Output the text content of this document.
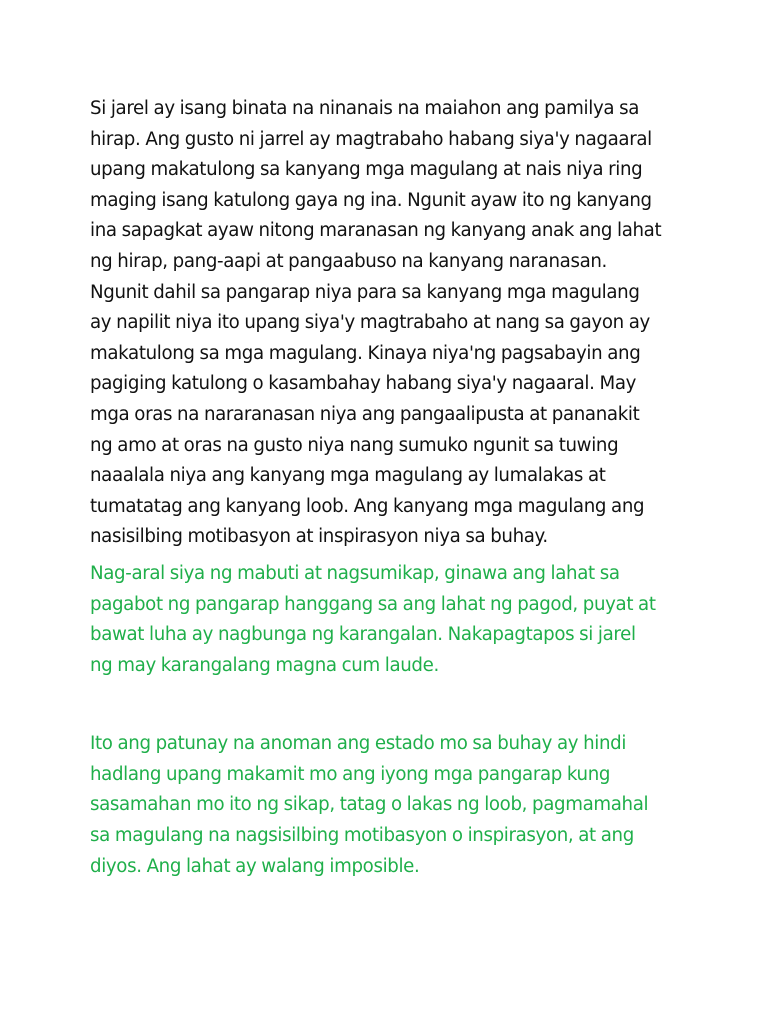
Si jarel ay isang binata na ninanais na maiahon ang pamilya sa
hirap. Ang gusto ni jarrel ay magtrabaho habang siya'y nagaaral
upang makatulong sa kanyang mga magulang at nais niya ring
maging isang katulong gaya ng ina. Ngunit ayaw ito ng kanyang
ina sapagkat ayaw nitong maranasan ng kanyang anak ang lahat
ng hirap, pang-aapi at pangaabuso na kanyang naranasan.
Ngunit dahil sa pangarap niya para sa kanyang mga magulang
ay napilit niya ito upang siya'y magtrabaho at nang sa gayon ay
makatulong sa mga magulang. Kinaya niya'ng pagsabayin ang
pagiging katulong o kasambahay habang siya'y nagaaral. May
mga oras na nararanasan niya ang pangaalipusta at pananakit
ng amo at oras na gusto niya nang sumuko ngunit sa tuwing
naaalala niya ang kanyang mga magulang ay lumalakas at
tumatatag ang kanyang loob. Ang kanyang mga magulang ang
nasisilbing motibasyon at inspirasyon niya sa buhay.

Nag-aral siya ng mabuti at nagsumikap, ginawa ang lahat sa
pagabot ng pangarap hanggang sa ang lahat ng pagod, puyat at
bawat luha ay nagbunga ng karangalan. Nakapagtapos si jarel
ng may karangalang magna cum laude.

Ito ang patunay na anoman ang estado mo sa buhay ay hindi
hadlang upang makamit mo ang iyong mga pangarap kung
sasamahan mo ito ng sikap, tatag o lakas ng loob, pagmamahal
sa magulang na nagsisilbing motibasyon o inspirasyon, at ang
diyos. Ang lahat ay walang imposible.
